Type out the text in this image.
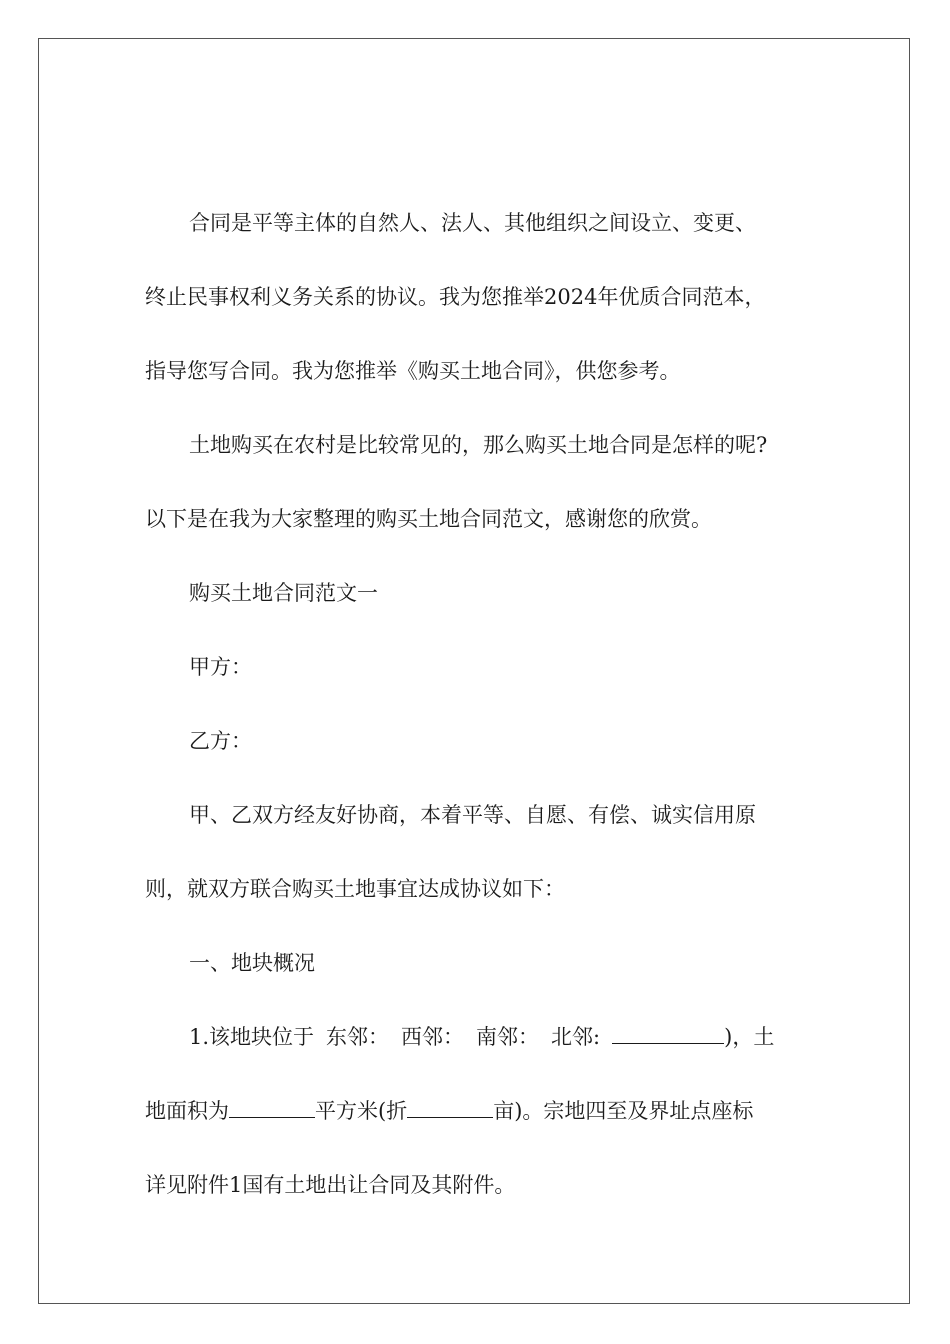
合同是平等主体的自然人、法人、其他组织之间设立、变更、
终止民事权利义务关系的协议。我为您推举2024年优质合同范本，
指导您写合同。我为您推举《购买土地合同》，供您参考。
土地购买在农村是比较常见的，那么购买土地合同是怎样的呢?
以下是在我为大家整理的购买土地合同范文，感谢您的欣赏。
购买土地合同范文一
甲方：
乙方：
甲、乙双方经友好协商，本着平等、自愿、有偿、诚实信用原
则，就双方联合购买土地事宜达成协议如下：
一、地块概况
1.该地块位于 东邻： 西邻： 南邻： 北邻:	)，土
地面积为	平方米(折	亩)。宗地四至及界址点座标
详见附件1国有土地出让合同及其附件。
